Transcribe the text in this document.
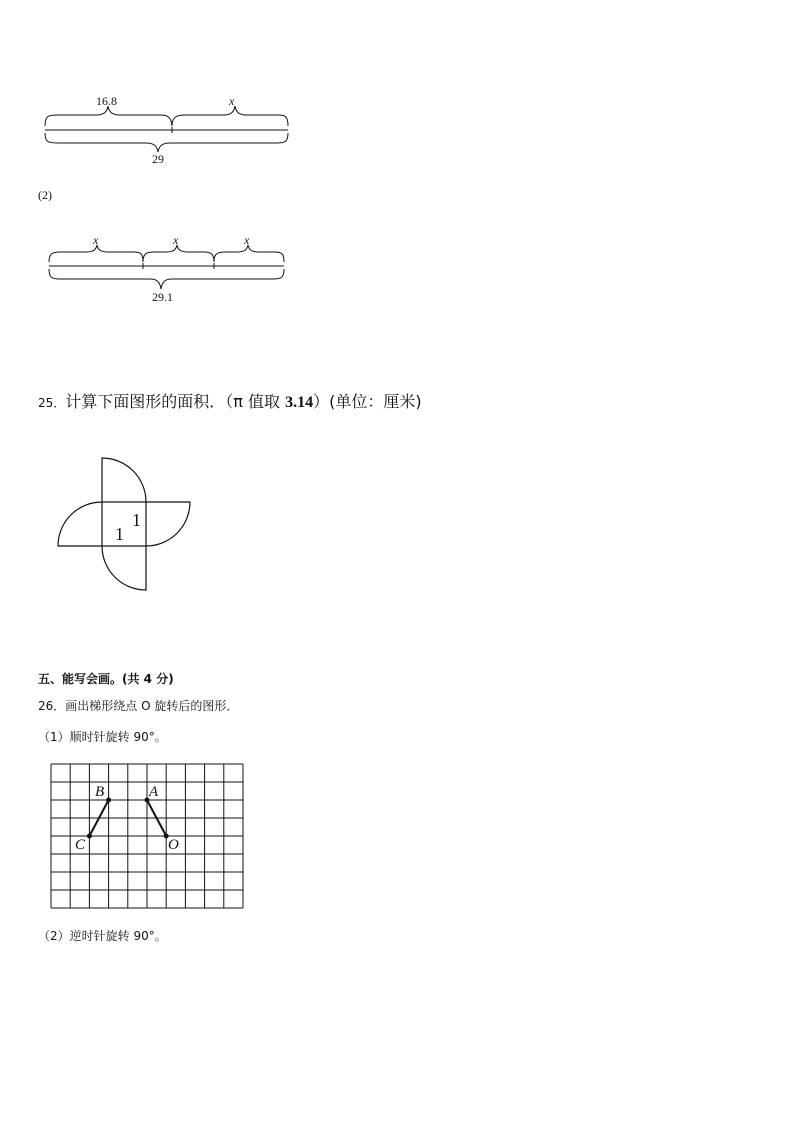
16.8	x
29
(2)
x	x	x
29.1
25．计算下面图形的面积．（π 值取 3.14）(单位：厘米)
1
1
五、能写会画。(共 4 分)
26．画出梯形绕点 O 旋转后的图形．
（1）顺时针旋转 90°。
B	A
C	O
（2）逆时针旋转 90°。
